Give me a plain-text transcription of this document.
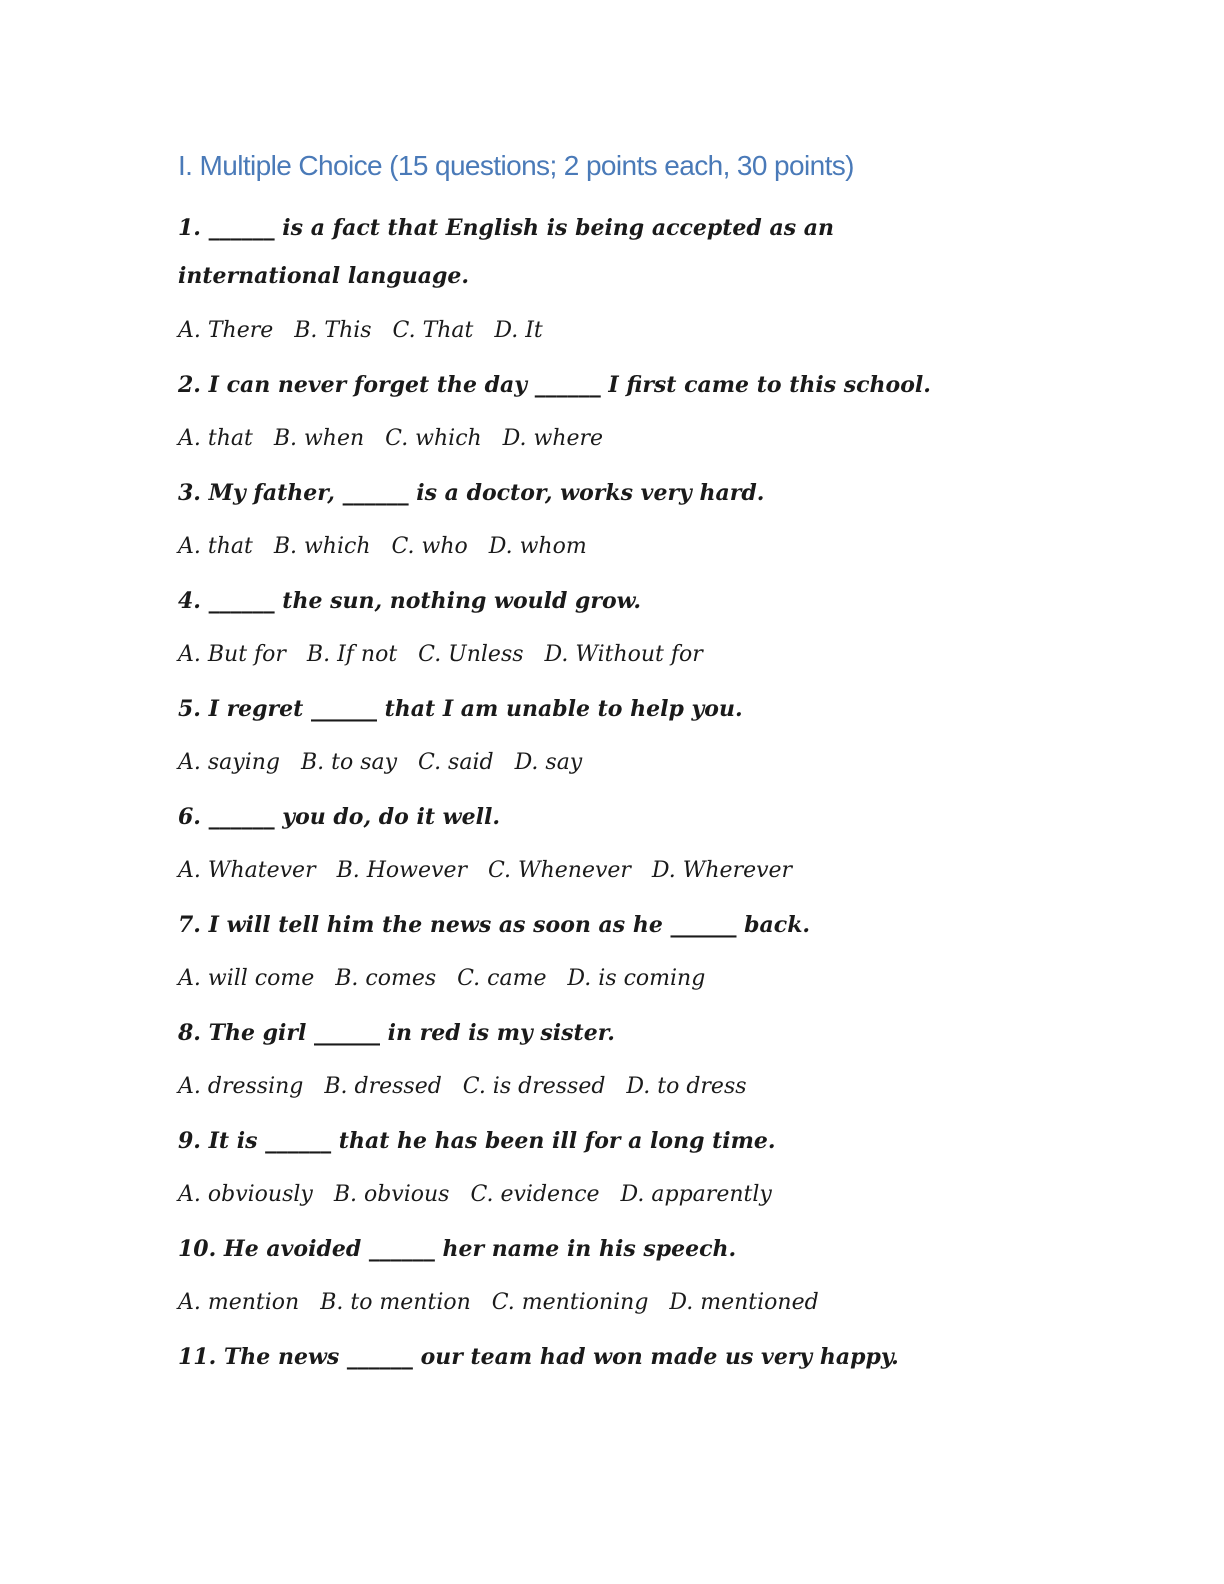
I. Multiple Choice (15 questions; 2 points each, 30 points)

1. ______ is a fact that English is being accepted as an international language.

A. There   B. This   C. That   D. It

2. I can never forget the day ______ I first came to this school.

A. that   B. when   C. which   D. where

3. My father, ______ is a doctor, works very hard.

A. that   B. which   C. who   D. whom

4. ______ the sun, nothing would grow.

A. But for   B. If not   C. Unless   D. Without for

5. I regret ______ that I am unable to help you.

A. saying   B. to say   C. said   D. say

6. ______ you do, do it well.

A. Whatever   B. However   C. Whenever   D. Wherever

7. I will tell him the news as soon as he ______ back.

A. will come   B. comes   C. came   D. is coming

8. The girl ______ in red is my sister.

A. dressing   B. dressed   C. is dressed   D. to dress

9. It is ______ that he has been ill for a long time.

A. obviously   B. obvious   C. evidence   D. apparently

10. He avoided ______ her name in his speech.

A. mention   B. to mention   C. mentioning   D. mentioned

11. The news ______ our team had won made us very happy.
